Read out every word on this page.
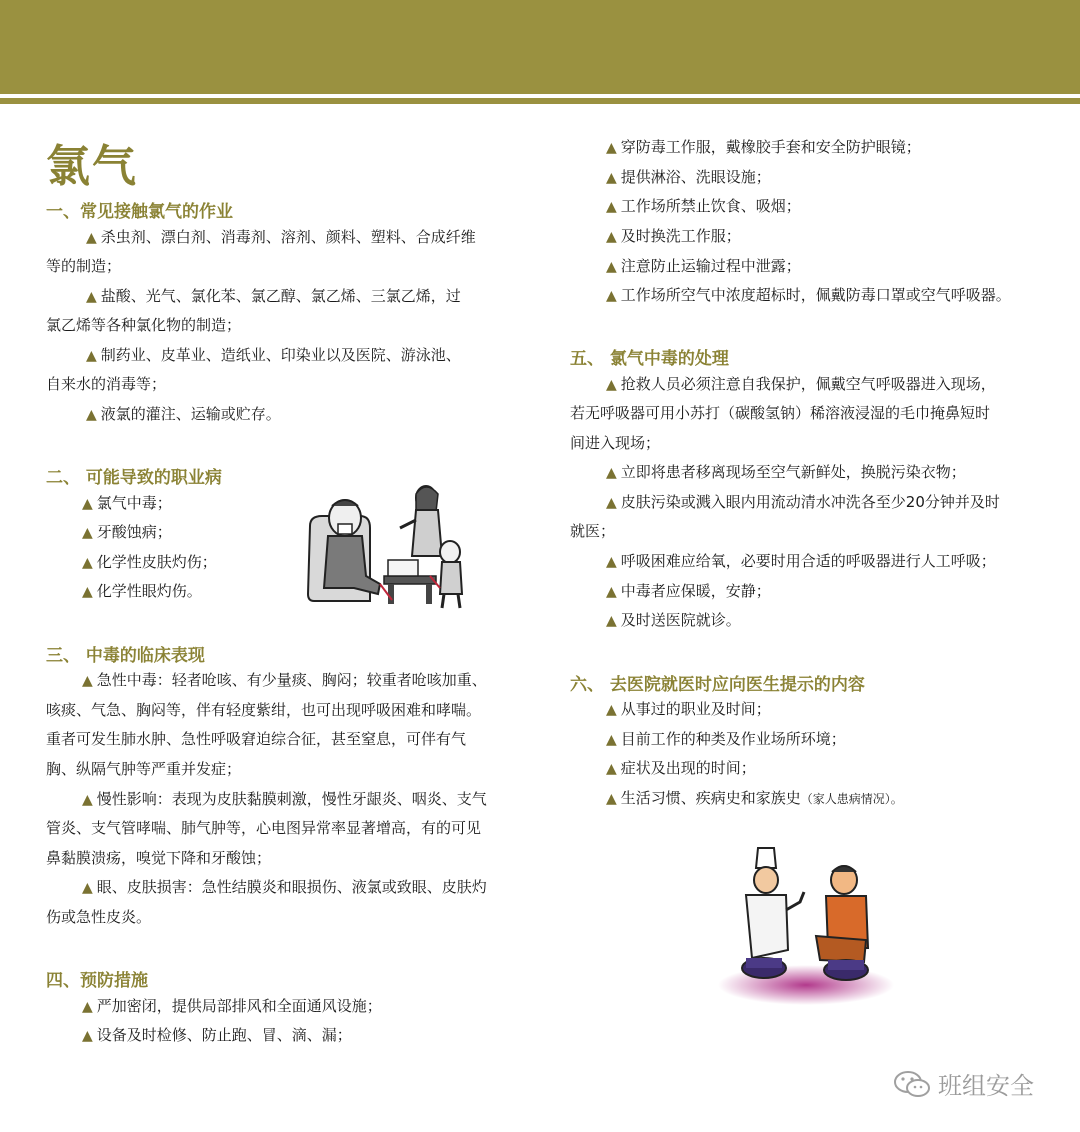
氯气
一、常见接触氯气的作业
▲ 杀虫剂、漂白剂、消毒剂、溶剂、颜料、塑料、合成纤维
等的制造；
▲ 盐酸、光气、氯化苯、氯乙醇、氯乙烯、三氯乙烯，过
氯乙烯等各种氯化物的制造；
▲ 制药业、皮革业、造纸业、印染业以及医院、游泳池、
自来水的消毒等；
▲ 液氯的灌注、运输或贮存。
二、 可能导致的职业病
▲ 氯气中毒；
▲ 牙酸蚀病；
▲ 化学性皮肤灼伤；
▲ 化学性眼灼伤。
三、 中毒的临床表现
▲ 急性中毒：轻者呛咳、有少量痰、胸闷；较重者呛咳加重、
咳痰、气急、胸闷等，伴有轻度紫绀，也可出现呼吸困难和哮喘。
重者可发生肺水肿、急性呼吸窘迫综合征，甚至窒息，可伴有气
胸、纵隔气肿等严重并发症；
▲ 慢性影响：表现为皮肤黏膜刺激，慢性牙龈炎、咽炎、支气
管炎、支气管哮喘、肺气肿等，心电图异常率显著增高，有的可见
鼻黏膜溃疡，嗅觉下降和牙酸蚀；
▲ 眼、皮肤损害：急性结膜炎和眼损伤、液氯或致眼、皮肤灼
伤或急性皮炎。
四、预防措施
▲ 严加密闭，提供局部排风和全面通风设施；
▲ 设备及时检修、防止跑、冒、滴、漏；
▲ 穿防毒工作服，戴橡胶手套和安全防护眼镜；
▲ 提供淋浴、洗眼设施；
▲ 工作场所禁止饮食、吸烟；
▲ 及时换洗工作服；
▲ 注意防止运输过程中泄露；
▲ 工作场所空气中浓度超标时，佩戴防毒口罩或空气呼吸器。
五、 氯气中毒的处理
▲ 抢救人员必须注意自我保护，佩戴空气呼吸器进入现场，
若无呼吸器可用小苏打（碳酸氢钠）稀溶液浸湿的毛巾掩鼻短时
间进入现场；
▲ 立即将患者移离现场至空气新鲜处，换脱污染衣物；
▲ 皮肤污染或溅入眼内用流动清水冲洗各至少20分钟并及时
就医；
▲ 呼吸困难应给氧，必要时用合适的呼吸器进行人工呼吸；
▲ 中毒者应保暖，安静；
▲ 及时送医院就诊。
六、 去医院就医时应向医生提示的内容
▲ 从事过的职业及时间；
▲ 目前工作的种类及作业场所环境；
▲ 症状及出现的时间；
▲ 生活习惯、疾病史和家族史（家人患病情况）。
班组安全
